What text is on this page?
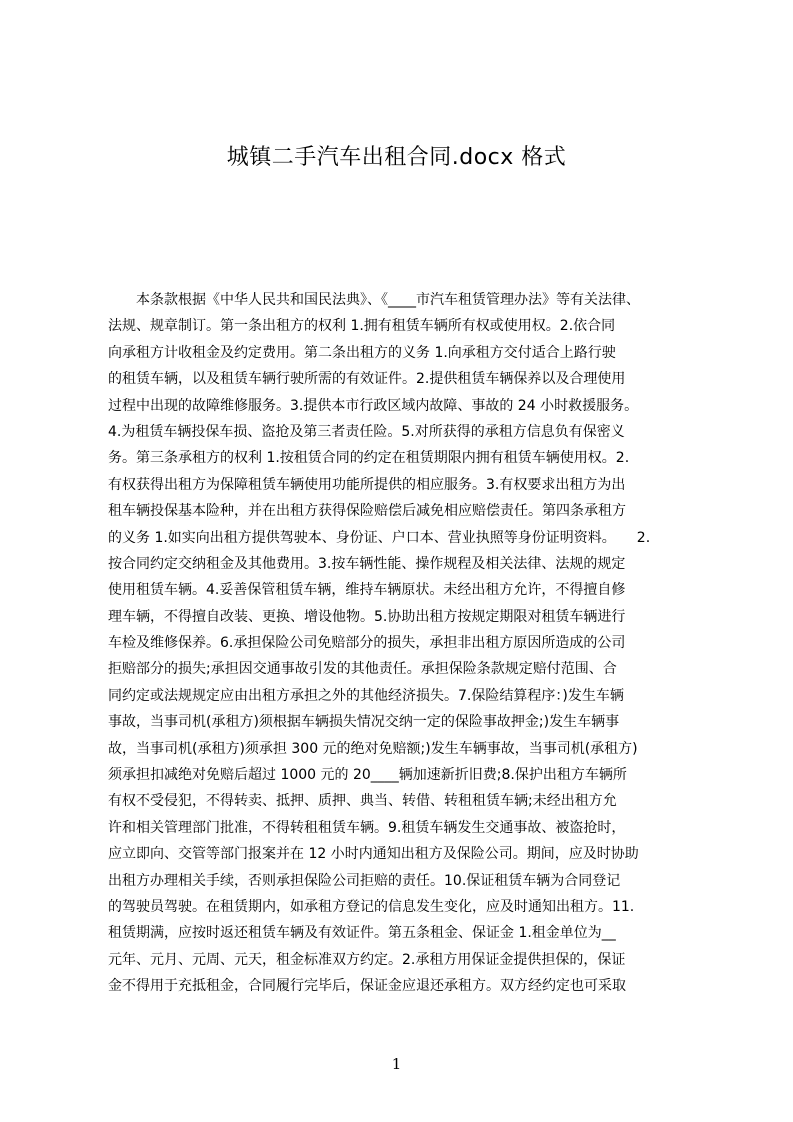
城镇二手汽车出租合同.docx 格式
　　本条款根据《中华人民共和国民法典》、《____市汽车租赁管理办法》等有关法律、
法规、规章制订。第一条出租方的权利 1.拥有租赁车辆所有权或使用权。2.依合同
向承租方计收租金及约定费用。第二条出租方的义务 1.向承租方交付适合上路行驶
的租赁车辆，以及租赁车辆行驶所需的有效证件。2.提供租赁车辆保养以及合理使用
过程中出现的故障维修服务。3.提供本市行政区域内故障、事故的 24 小时救援服务。
4.为租赁车辆投保车损、盗抢及第三者责任险。5.对所获得的承租方信息负有保密义
务。第三条承租方的权利 1.按租赁合同的约定在租赁期限内拥有租赁车辆使用权。2.
有权获得出租方为保障租赁车辆使用功能所提供的相应服务。3.有权要求出租方为出
租车辆投保基本险种，并在出租方获得保险赔偿后减免相应赔偿责任。第四条承租方
的义务 1.如实向出租方提供驾驶本、身份证、户口本、营业执照等身份证明资料。　　2.
按合同约定交纳租金及其他费用。3.按车辆性能、操作规程及相关法律、法规的规定
使用租赁车辆。4.妥善保管租赁车辆，维持车辆原状。未经出租方允许，不得擅自修
理车辆，不得擅自改装、更换、增设他物。5.协助出租方按规定期限对租赁车辆进行
车检及维修保养。6.承担保险公司免赔部分的损失，承担非出租方原因所造成的公司
拒赔部分的损失;承担因交通事故引发的其他责任。承担保险条款规定赔付范围、合
同约定或法规规定应由出租方承担之外的其他经济损失。7.保险结算程序：)发生车辆
事故，当事司机(承租方)须根据车辆损失情况交纳一定的保险事故押金;)发生车辆事
故，当事司机(承租方)须承担 300 元的绝对免赔额;)发生车辆事故，当事司机(承租方)
须承担扣减绝对免赔后超过 1000 元的 20____辆加速新折旧费;8.保护出租方车辆所
有权不受侵犯，不得转卖、抵押、质押、典当、转借、转租租赁车辆;未经出租方允
许和相关管理部门批准，不得转租租赁车辆。9.租赁车辆发生交通事故、被盗抢时，
应立即向、交管等部门报案并在 12 小时内通知出租方及保险公司。期间，应及时协助
出租方办理相关手续，否则承担保险公司拒赔的责任。10.保证租赁车辆为合同登记
的驾驶员驾驶。在租赁期内，如承租方登记的信息发生变化，应及时通知出租方。11.
租赁期满，应按时返还租赁车辆及有效证件。第五条租金、保证金 1.租金单位为__
元年、元月、元周、元天，租金标准双方约定。2.承租方用保证金提供担保的，保证
金不得用于充抵租金，合同履行完毕后，保证金应退还承租方。双方经约定也可采取
1
